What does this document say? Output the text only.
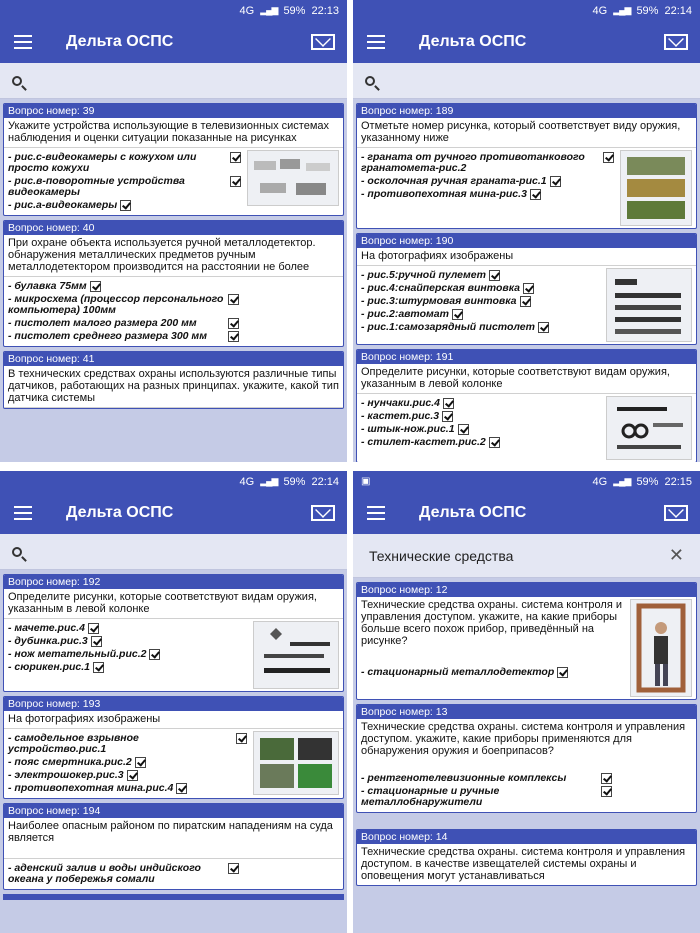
4G ▂▄▆ 59% 22:13
Дельта ОСПС
Вопрос номер: 39
Укажите устройства использующие в телевизионных системах наблюдения и оценки ситуации показанные на рисунках
- рис.с-видеокамеры с кожухом или просто кожухи
- рис.в-поворотные устройства видеокамеры
- рис.а-видеокамеры
Вопрос номер: 40
При охране объекта используется ручной металлодетектор. обнаружения металлических предметов ручным металлодетектором производится на расстоянии не более
- булавка 75мм
- микросхема (процессор персонального компьютера) 100мм
- пистолет малого размера 200 мм
- пистолет среднего размера 300 мм
Вопрос номер: 41
В технических средствах охраны используются различные типы датчиков, работающих на разных принципах. укажите, какой тип датчика системы
4G ▂▄▆ 59% 22:14
Дельта ОСПС
Вопрос номер: 189
Отметьте номер рисунка, который соответствует виду оружия, указанному ниже
- граната от ручного противотанкового гранатомета-рис.2
- осколочная ручная граната-рис.1
- противопехотная мина-рис.3
Вопрос номер: 190
На фотографиях изображены
- рис.5:ручной пулемет
- рис.4:снайперская винтовка
- рис.3:штурмовая винтовка
- рис.2:автомат
- рис.1:самозарядный пистолет
Вопрос номер: 191
Определите рисунки, которые соответствуют видам оружия, указанным в левой колонке
- нунчаки.рис.4
- кастет.рис.3
- штык-нож.рис.1
- стилет-кастет.рис.2
4G ▂▄▆ 59% 22:14
Дельта ОСПС
Вопрос номер: 192
Определите рисунки, которые соответствуют видам оружия, указанным в левой колонке
- мачете.рис.4
- дубинка.рис.3
- нож метательный.рис.2
- сюрикен.рис.1
Вопрос номер: 193
На фотографиях изображены
- самодельное взрывное устройство.рис.1
- пояс смертника.рис.2
- электрошокер.рис.3
- противопехотная мина.рис.4
Вопрос номер: 194
Наиболее опасным районом по пиратским нападениям на суда является
- аденский залив и воды индийского океана у побережья сомали
▣	4G ▂▄▆ 59% 22:15
Дельта ОСПС
Технические средства	✕
Вопрос номер: 12
Технические средства охраны. система контроля и управления доступом. укажите, на какие приборы больше всего похож прибор, приведённый на рисунке?
- стационарный металлодетектор
Вопрос номер: 13
Технические средства охраны. система контроля и управления доступом. укажите, какие приборы применяются для обнаружения оружия и боеприпасов?
- рентгенотелевизионные комплексы
- стационарные и ручные металлобнаружители
Вопрос номер: 14
Технические средства охраны. система контроля и управления доступом. в качестве извещателей системы охраны и оповещения могут устанавливаться
